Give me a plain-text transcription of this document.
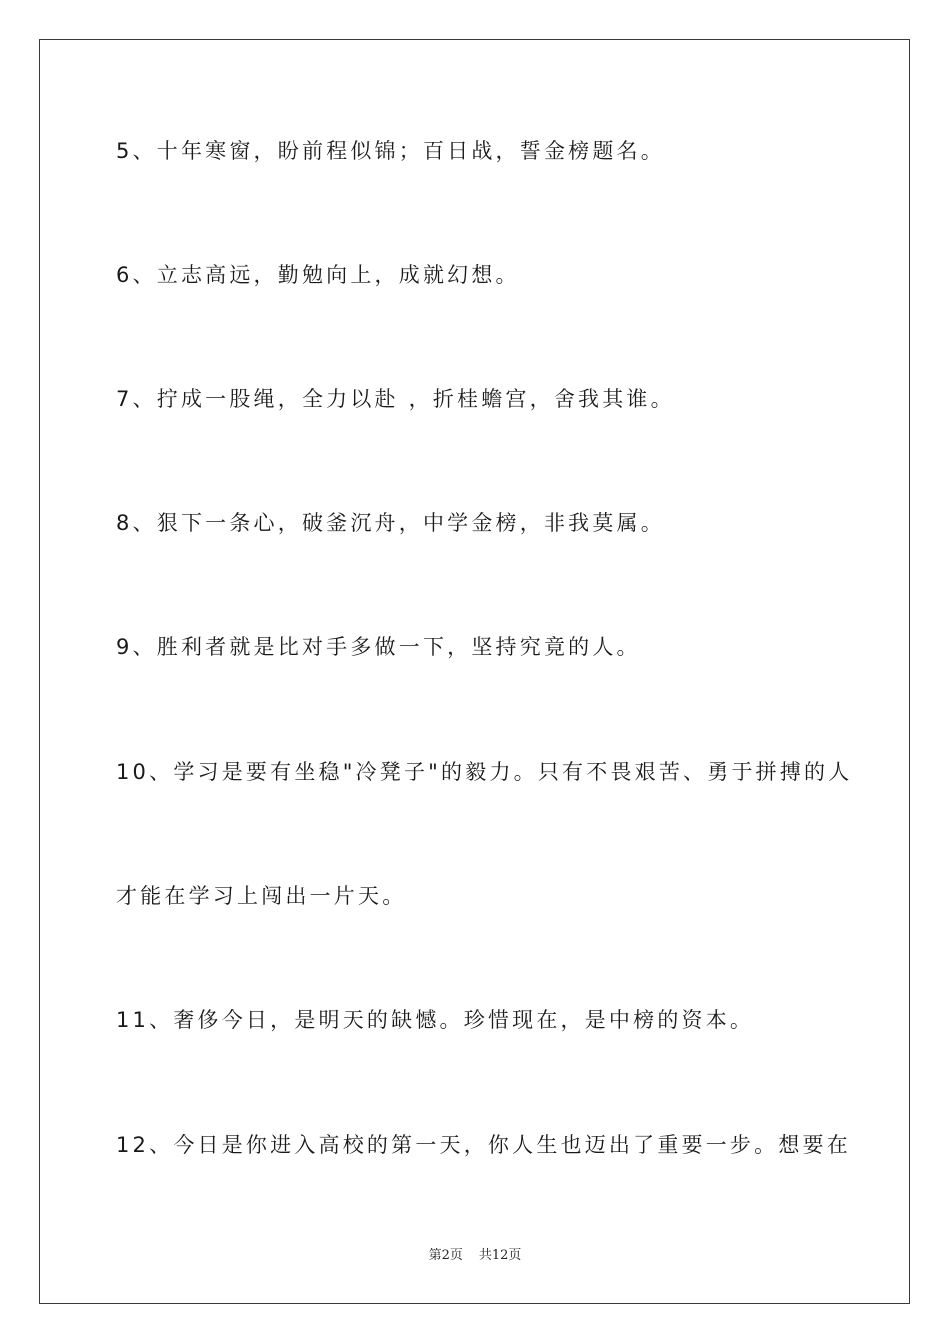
5、十年寒窗，盼前程似锦；百日战，誓金榜题名。

6、立志高远，勤勉向上，成就幻想。

7、拧成一股绳，全力以赴 ，折桂蟾宫，舍我其谁。

8、狠下一条心，破釜沉舟，中学金榜，非我莫属。

9、胜利者就是比对手多做一下，坚持究竟的人。

10、学习是要有坐稳"冷凳子"的毅力。只有不畏艰苦、勇于拼搏的人

才能在学习上闯出一片天。

11、奢侈今日，是明天的缺憾。珍惜现在，是中榜的资本。

12、今日是你进入高校的第一天，你人生也迈出了重要一步。想要在

第2页 共12页
